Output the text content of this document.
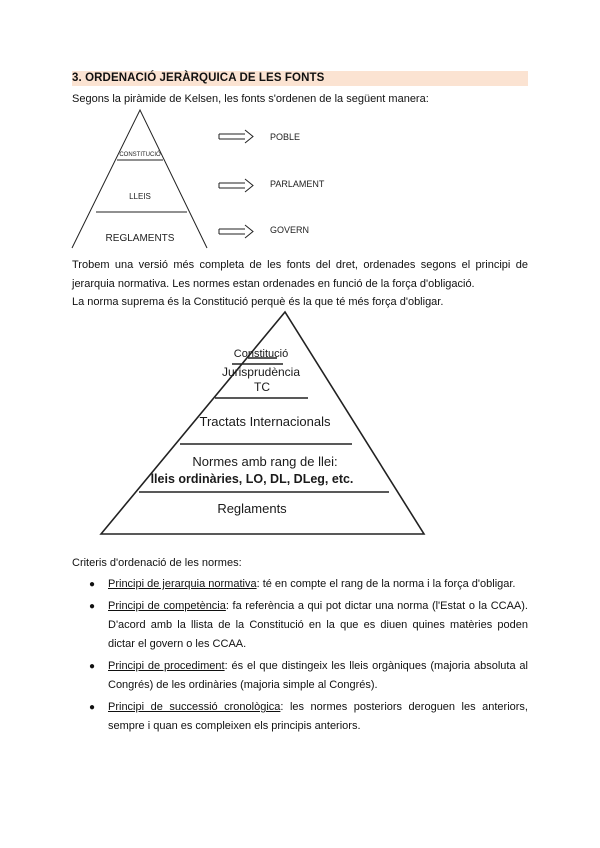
3. ORDENACIÓ JERÀRQUICA DE LES FONTS
Segons la piràmide de Kelsen, les fonts s'ordenen de la següent manera:
CONSTITUCIÓ
LLEIS
REGLAMENTS
POBLE
PARLAMENT
GOVERN
Constitució
Jurisprudència
TC
Tractats Internacionals
Normes amb rang de llei:
lleis ordinàries, LO, DL, DLeg, etc.
Reglaments
Trobem una versió més completa de les fonts del dret, ordenades segons el principi de jerarquia normativa. Les normes estan ordenades en funció de la força d'obligació.
La norma suprema és la Constitució perquè és la que té més força d'obligar.
Criteris d'ordenació de les normes:
● Principi de jerarquia normativa: té en compte el rang de la norma i la força d'obligar.
● Principi de competència: fa referència a qui pot dictar una norma (l'Estat o la CCAA). D'acord amb la llista de la Constitució en la que es diuen quines matèries poden dictar el govern o les CCAA.
● Principi de procediment: és el que distingeix les lleis orgàniques (majoria absoluta al Congrés) de les ordinàries (majoria simple al Congrés).
● Principi de successió cronològica: les normes posteriors deroguen les anteriors, sempre i quan es compleixen els principis anteriors.
